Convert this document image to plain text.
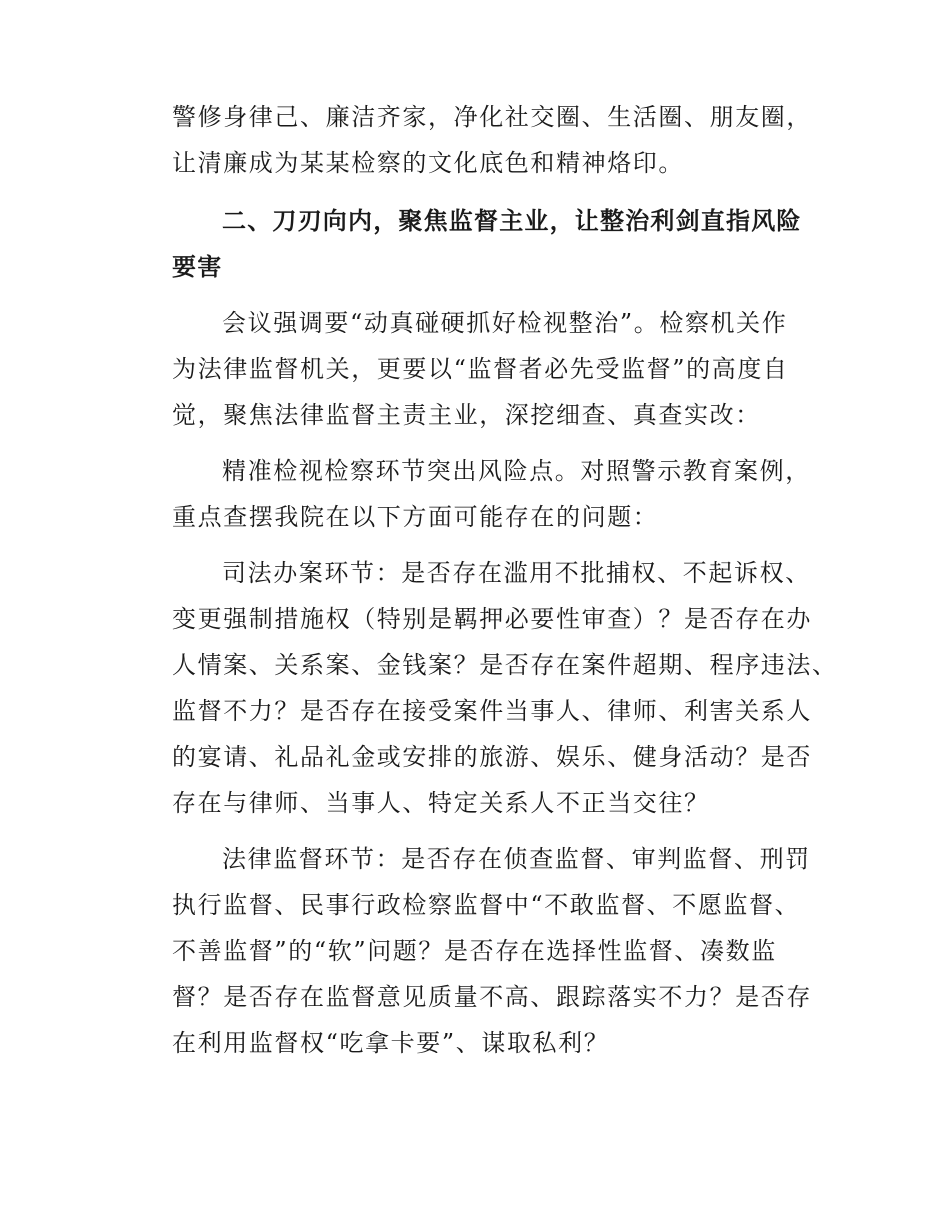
警修身律己、廉洁齐家，净化社交圈、生活圈、朋友圈，
让清廉成为某某检察的文化底色和精神烙印。
二、刀刃向内，聚焦监督主业，让整治利剑直指风险
要害
会议强调要“动真碰硬抓好检视整治”。检察机关作
为法律监督机关，更要以“监督者必先受监督”的高度自
觉，聚焦法律监督主责主业，深挖细查、真查实改：
精准检视检察环节突出风险点。对照警示教育案例，
重点查摆我院在以下方面可能存在的问题：
司法办案环节：是否存在滥用不批捕权、不起诉权、
变更强制措施权（特别是羁押必要性审查）？是否存在办
人情案、关系案、金钱案？是否存在案件超期、程序违法、
监督不力？是否存在接受案件当事人、律师、利害关系人
的宴请、礼品礼金或安排的旅游、娱乐、健身活动？是否
存在与律师、当事人、特定关系人不正当交往？
法律监督环节：是否存在侦查监督、审判监督、刑罚
执行监督、民事行政检察监督中“不敢监督、不愿监督、
不善监督”的“软”问题？是否存在选择性监督、凑数监
督？是否存在监督意见质量不高、跟踪落实不力？是否存
在利用监督权“吃拿卡要”、谋取私利？
